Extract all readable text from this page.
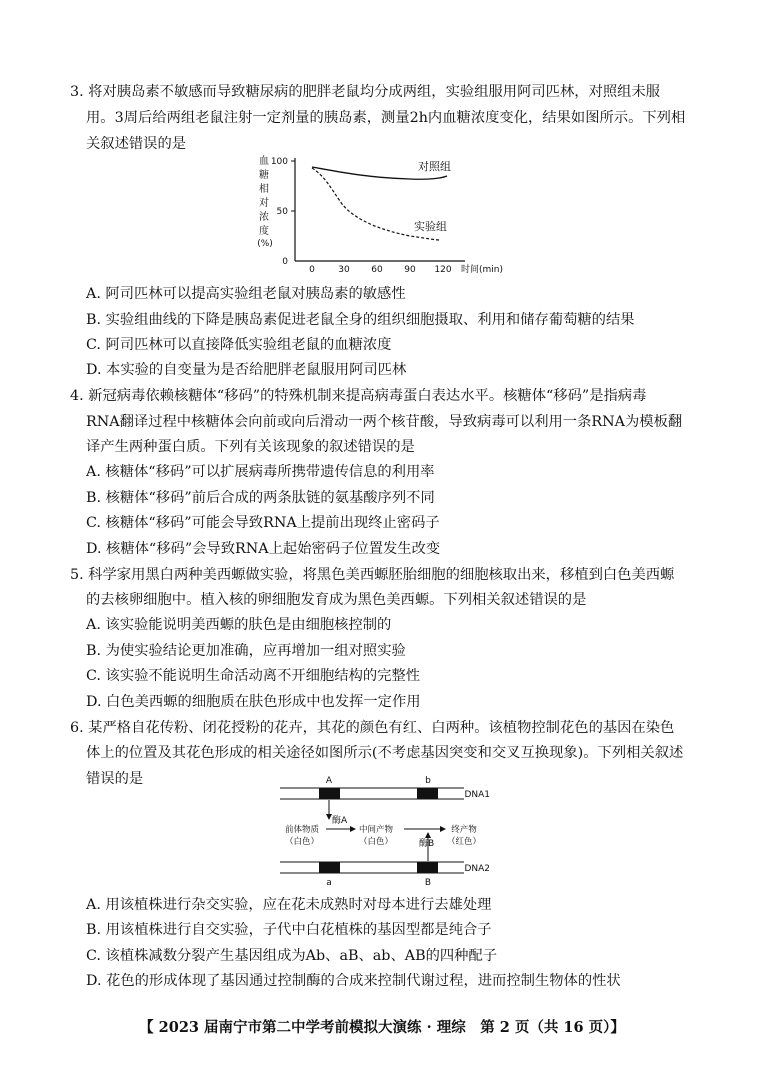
3. 将对胰岛素不敏感而导致糖尿病的肥胖老鼠均分成两组，实验组服用阿司匹林，对照组未服
用。3周后给两组老鼠注射一定剂量的胰岛素，测量2h内血糖浓度变化，结果如图所示。下列相
关叙述错误的是
血
糖
相
对
浓
度
(%)
100
50
0
0	30 60 90 120 时间(min)
对照组
实验组
A. 阿司匹林可以提高实验组老鼠对胰岛素的敏感性
B. 实验组曲线的下降是胰岛素促进老鼠全身的组织细胞摄取、利用和储存葡萄糖的结果
C. 阿司匹林可以直接降低实验组老鼠的血糖浓度
D. 本实验的自变量为是否给肥胖老鼠服用阿司匹林
4. 新冠病毒依赖核糖体“移码”的特殊机制来提高病毒蛋白表达水平。核糖体“移码”是指病毒
RNA翻译过程中核糖体会向前或向后滑动一两个核苷酸，导致病毒可以利用一条RNA为模板翻
译产生两种蛋白质。下列有关该现象的叙述错误的是
A. 核糖体“移码”可以扩展病毒所携带遗传信息的利用率
B. 核糖体“移码”前后合成的两条肽链的氨基酸序列不同
C. 核糖体“移码”可能会导致RNA上提前出现终止密码子
D. 核糖体“移码”会导致RNA上起始密码子位置发生改变
5. 科学家用黑白两种美西螈做实验，将黑色美西螈胚胎细胞的细胞核取出来，移植到白色美西螈
的去核卵细胞中。植入核的卵细胞发育成为黑色美西螈。下列相关叙述错误的是
A. 该实验能说明美西螈的肤色是由细胞核控制的
B. 为使实验结论更加准确，应再增加一组对照实验
C. 该实验不能说明生命活动离不开细胞结构的完整性
D. 白色美西螈的细胞质在肤色形成中也发挥一定作用
6. 某严格自花传粉、闭花授粉的花卉，其花的颜色有红、白两种。该植物控制花色的基因在染色
体上的位置及其花色形成的相关途径如图所示(不考虑基因突变和交叉互换现象)。下列相关叙述
错误的是	A	b
DNA1
a	B
DNA2
酶A
酶B
前体物质
（白色）
中间产物
（白色）
终产物
（红色）
A. 用该植株进行杂交实验，应在花未成熟时对母本进行去雄处理
B. 用该植株进行自交实验，子代中白花植株的基因型都是纯合子
C. 该植株减数分裂产生基因组成为Ab、aB、ab、AB的四种配子
D. 花色的形成体现了基因通过控制酶的合成来控制代谢过程，进而控制生物体的性状
【 2023 届南宁市第二中学考前模拟大演练 · 理综　第 2 页（共 16 页）】
